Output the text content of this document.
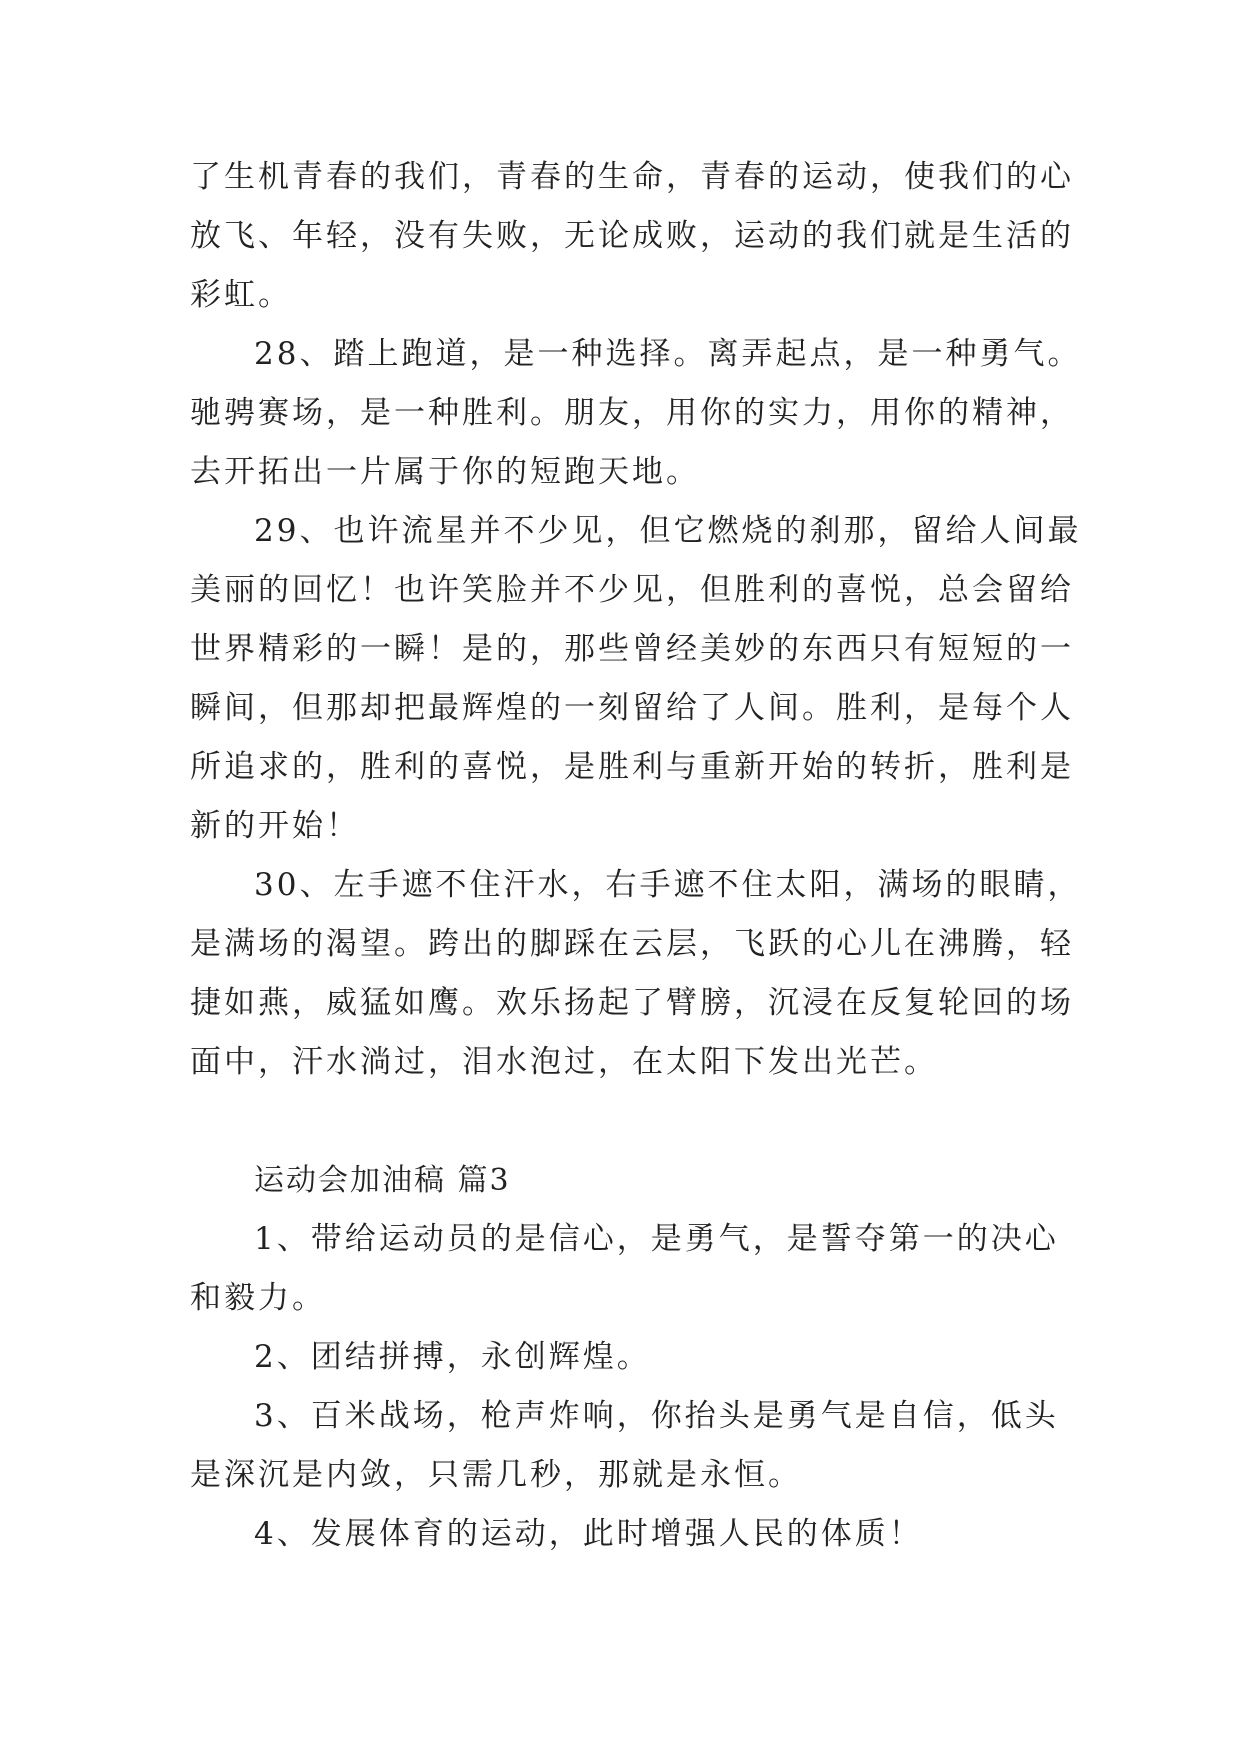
了生机青春的我们，青春的生命，青春的运动，使我们的心
放飞、年轻，没有失败，无论成败，运动的我们就是生活的
彩虹。
28、踏上跑道，是一种选择。离弄起点，是一种勇气。
驰骋赛场，是一种胜利。朋友，用你的实力，用你的精神，
去开拓出一片属于你的短跑天地。
29、也许流星并不少见，但它燃烧的刹那，留给人间最
美丽的回忆！也许笑脸并不少见，但胜利的喜悦，总会留给
世界精彩的一瞬！是的，那些曾经美妙的东西只有短短的一
瞬间，但那却把最辉煌的一刻留给了人间。胜利，是每个人
所追求的，胜利的喜悦，是胜利与重新开始的转折，胜利是
新的开始！
30、左手遮不住汗水，右手遮不住太阳，满场的眼睛，
是满场的渴望。跨出的脚踩在云层，飞跃的心儿在沸腾，轻
捷如燕，威猛如鹰。欢乐扬起了臂膀，沉浸在反复轮回的场
面中，汗水淌过，泪水泡过，在太阳下发出光芒。
运动会加油稿 篇3
1、带给运动员的是信心，是勇气，是誓夺第一的决心
和毅力。
2、团结拼搏，永创辉煌。
3、百米战场，枪声炸响，你抬头是勇气是自信，低头
是深沉是内敛，只需几秒，那就是永恒。
4、发展体育的运动，此时增强人民的体质！
